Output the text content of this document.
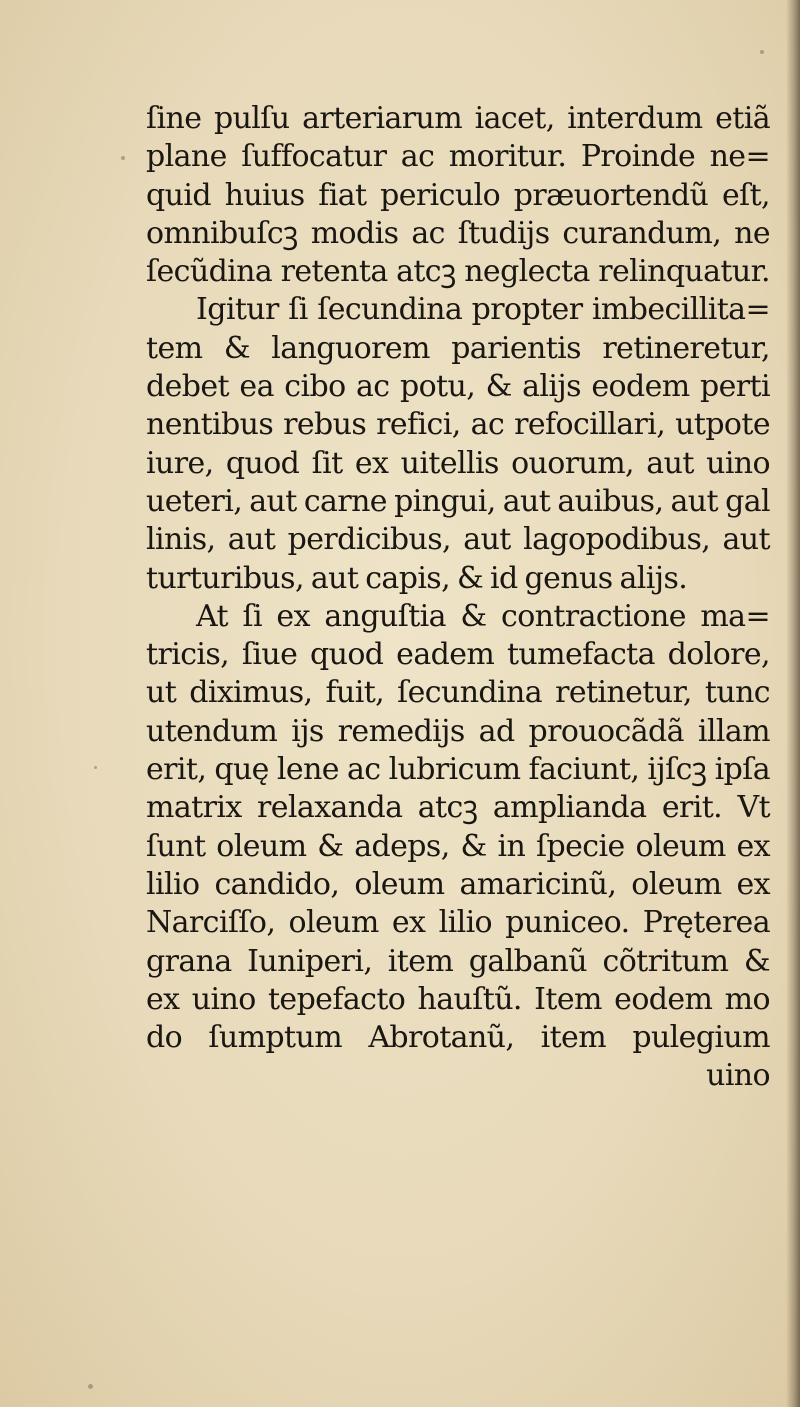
ſine pulſu arteriarum iacet, interdum etiã
plane ſuffocatur ac moritur. Proinde ne=
quid huius fiat periculo præuortendũ eſt,
omnibuſcꝫ modis ac ſtudijs curandum, ne
ſecũdina retenta atcꝫ neglecta relinquatur.
Igitur ſi ſecundina propter imbecillita=
tem & languorem parientis retineretur,
debet ea cibo ac potu, & alijs eodem perti
nentibus rebus refici, ac refocillari, utpote
iure, quod ſit ex uitellis ouorum, aut uino
ueteri, aut carne pingui, aut auibus, aut gal
linis, aut perdicibus, aut lagopodibus, aut
turturibus, aut capis, & id genus alijs.
At ſi ex anguſtia & contractione ma=
tricis, ſiue quod eadem tumefacta dolore,
ut diximus, fuit, ſecundina retinetur, tunc
utendum ijs remedijs ad prouocãdã illam
erit, quę lene ac lubricum faciunt, ijſcꝫ ipſa
matrix relaxanda atcꝫ amplianda erit. Vt
ſunt oleum & adeps, & in ſpecie oleum ex
lilio candido, oleum amaricinũ, oleum ex
Narciſſo, oleum ex lilio puniceo. Pręterea
grana Iuniperi, item galbanũ cõtritum &
ex uino tepefacto hauſtũ. Item eodem mo
do ſumptum Abrotanũ, item pulegium
uino
